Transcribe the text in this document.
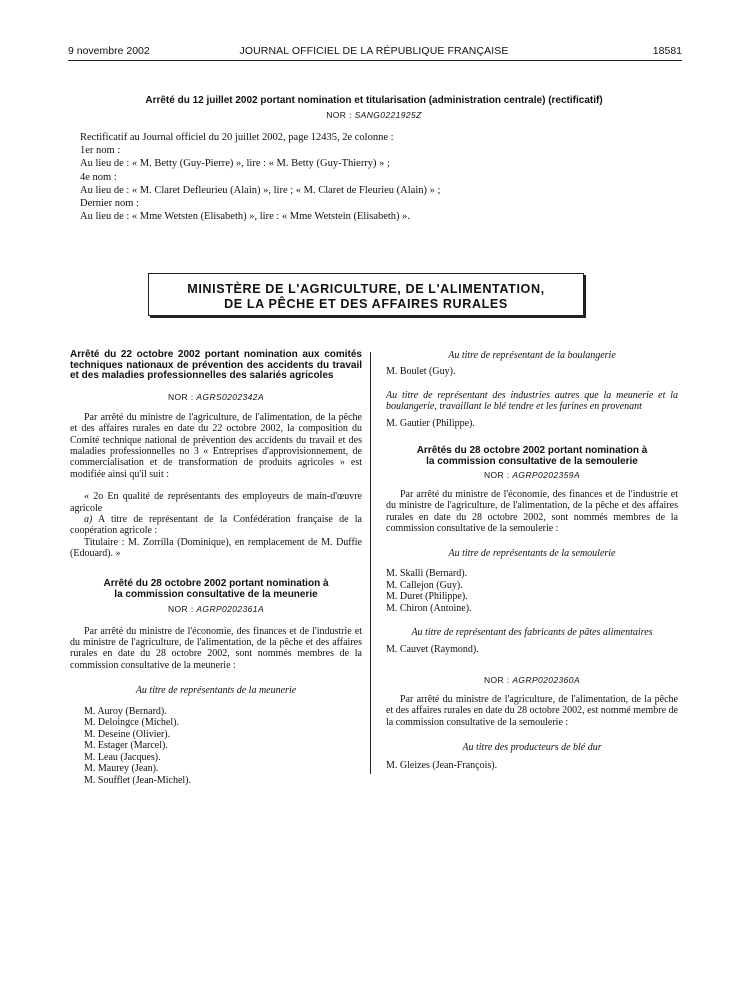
9 novembre 2002	JOURNAL OFFICIEL DE LA RÉPUBLIQUE FRANÇAISE	18581
Arrêté du 12 juillet 2002 portant nomination et titularisation (administration centrale) (rectificatif)
NOR : SANG0221925Z
Rectificatif au Journal officiel du 20 juillet 2002, page 12435, 2e colonne :
1er nom :
Au lieu de : « M. Betty (Guy-Pierre) », lire : « M. Betty (Guy-Thierry) » ;
4e nom :
Au lieu de : « M. Claret Defleurieu (Alain) », lire ; « M. Claret de Fleurieu (Alain) » ;
Dernier nom :
Au lieu de : « Mme Wetsten (Elisabeth) », lire : « Mme Wetstein (Elisabeth) ».
MINISTÈRE DE L'AGRICULTURE, DE L'ALIMENTATION,
DE LA PÊCHE ET DES AFFAIRES RURALES
Arrêté du 22 octobre 2002 portant nomination aux comités techniques nationaux de prévention des accidents du travail et des maladies professionnelles des salariés agricoles
NOR : AGRS0202342A

Par arrêté du ministre de l'agriculture, de l'alimentation, de la pêche et des affaires rurales en date du 22 octobre 2002, la composition du Comité technique national de prévention des accidents du travail et des maladies professionnelles no 3 « Entreprises d'approvisionnement, de commercialisation et de transformation de produits agricoles » est modifiée ainsi qu'il suit :

« 2o En qualité de représentants des employeurs de main-d'œuvre agricole

a) A titre de représentant de la Confédération française de la coopération agricole :

Titulaire : M. Zorrilla (Dominique), en remplacement de M. Duffie (Edouard). »

Arrêté du 28 octobre 2002 portant nomination à la commission consultative de la meunerie
NOR : AGRP0202361A

Par arrêté du ministre de l'économie, des finances et de l'industrie et du ministre de l'agriculture, de l'alimentation, de la pêche et des affaires rurales en date du 28 octobre 2002, sont nommés membres de la commission consultative de la meunerie :

Au titre de représentants de la meunerie
M. Auroy (Bernard).
M. Deloingce (Michel).
M. Deseine (Olivier).
M. Estager (Marcel).
M. Leau (Jacques).
M. Maurey (Jean).
M. Soufflet (Jean-Michel).
Au titre de représentant de la boulangerie
M. Boulet (Guy).
Au titre de représentant des industries autres que la meunerie et la boulangerie, travaillant le blé tendre et les farines en provenant
M. Gautier (Philippe).
Arrêtés du 28 octobre 2002 portant nomination à la commission consultative de la semoulerie
NOR : AGRP0202359A

Par arrêté du ministre de l'économie, des finances et de l'industrie et du ministre de l'agriculture, de l'alimentation, de la pêche et des affaires rurales en date du 28 octobre 2002, sont nommés membres de la commission consultative de la semoulerie :

Au titre de représentants de la semoulerie
M. Skalli (Bernard).
M. Callejon (Guy).
M. Duret (Philippe).
M. Chiron (Antoine).
Au titre de représentant des fabricants de pâtes alimentaires
M. Cauvet (Raymond).
NOR : AGRP0202360A

Par arrêté du ministre de l'agriculture, de l'alimentation, de la pêche et des affaires rurales en date du 28 octobre 2002, est nommé membre de la commission consultative de la semoulerie :

Au titre des producteurs de blé dur
M. Gleizes (Jean-François).
